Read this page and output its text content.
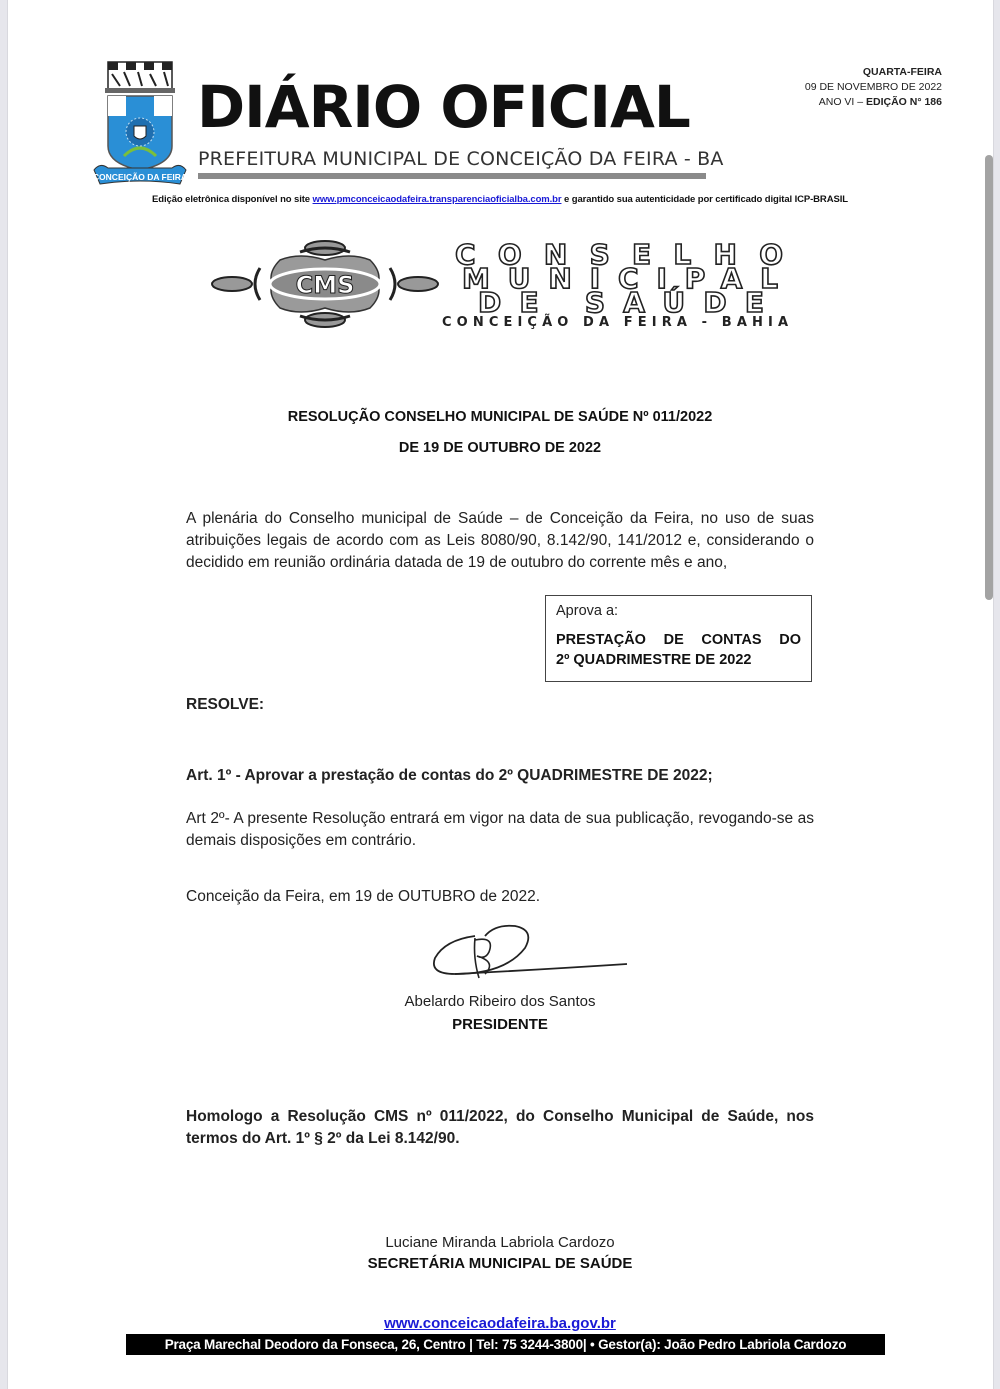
CONCEIÇÃO DA FEIRA
DIÁRIO OFICIAL
PREFEITURA MUNICIPAL DE CONCEIÇÃO DA FEIRA - BA
QUARTA-FEIRA
09 DE NOVEMBRO DE 2022
ANO VI – EDIÇÃO N° 186
Edição eletrônica disponível no site www.pmconceicaodafeira.transparenciaoficialba.com.br e garantido sua autenticidade por certificado digital ICP-BRASIL
CMS
CONSELHO
MUNICIPAL
DE SAÚDE
CONCEIÇÃO DA FEIRA - BAHIA
RESOLUÇÃO CONSELHO MUNICIPAL DE SAÚDE Nº 011/2022
DE 19 DE OUTUBRO DE 2022
A plenária do Conselho municipal de Saúde – de Conceição da Feira, no uso de suas atribuições legais de acordo com as Leis 8080/90, 8.142/90, 141/2012 e, considerando o decidido em reunião ordinária datada de 19 de outubro do corrente mês e ano,
Aprova a:
PRESTAÇÃO DE CONTAS DO
2º QUADRIMESTRE DE 2022
RESOLVE:
Art. 1º - Aprovar a prestação de contas do 2º QUADRIMESTRE DE 2022;
Art 2º- A presente Resolução entrará em vigor na data de sua publicação, revogando-se as demais disposições em contrário.
Conceição da Feira, em 19 de OUTUBRO de 2022.
Abelardo Ribeiro dos Santos
PRESIDENTE
Homologo a Resolução CMS nº 011/2022, do Conselho Municipal de Saúde, nos termos do Art. 1º § 2º da Lei 8.142/90.
Luciane Miranda Labriola Cardozo
SECRETÁRIA MUNICIPAL DE SAÚDE
www.conceicaodafeira.ba.gov.br
Praça Marechal Deodoro da Fonseca, 26, Centro | Tel: 75 3244-3800| • Gestor(a): João Pedro Labriola Cardozo
